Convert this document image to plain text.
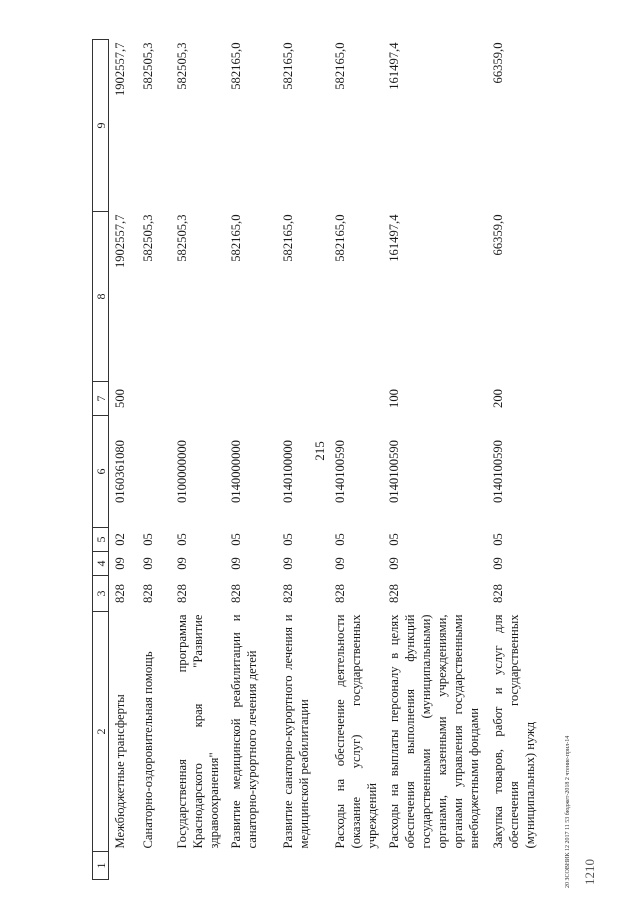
215
20 ЗСОВНИК 12 2017 11 53 бюджет-2018 2 чтение-прил-14 1210
1	2	3	4	5	6	7	8	9
	Межбюджетные трансферты	828	09	02	0160361080	500	1902557,7	1902557,7
	Санаторно-оздоровительная помощь	828	09	05			582505,3	582505,3
	Государственная программа Краснодарского края "Развитие здравоохранения"	828	09	05	0100000000		582505,3	582505,3
	Развитие медицинской реабилитации и санаторно-курортного лечения детей	828	09	05	0140000000		582165,0	582165,0
	Развитие санаторно-курортного лечения и медицинской реабилитации	828	09	05	0140100000		582165,0	582165,0
	Расходы на обеспечение деятельности (оказание услуг) государственных учреждений	828	09	05	0140100590		582165,0	582165,0
	Расходы на выплаты персоналу в целях обеспечения выполнения функций государственными (муниципальными) органами, казенными учреждениями, органами управления государственными внебюджетными фондами	828	09	05	0140100590	100	161497,4	161497,4
	Закупка товаров, работ и услуг для обеспечения государственных (муниципальных) нужд	828	09	05	0140100590	200	66359,0	66359,0
